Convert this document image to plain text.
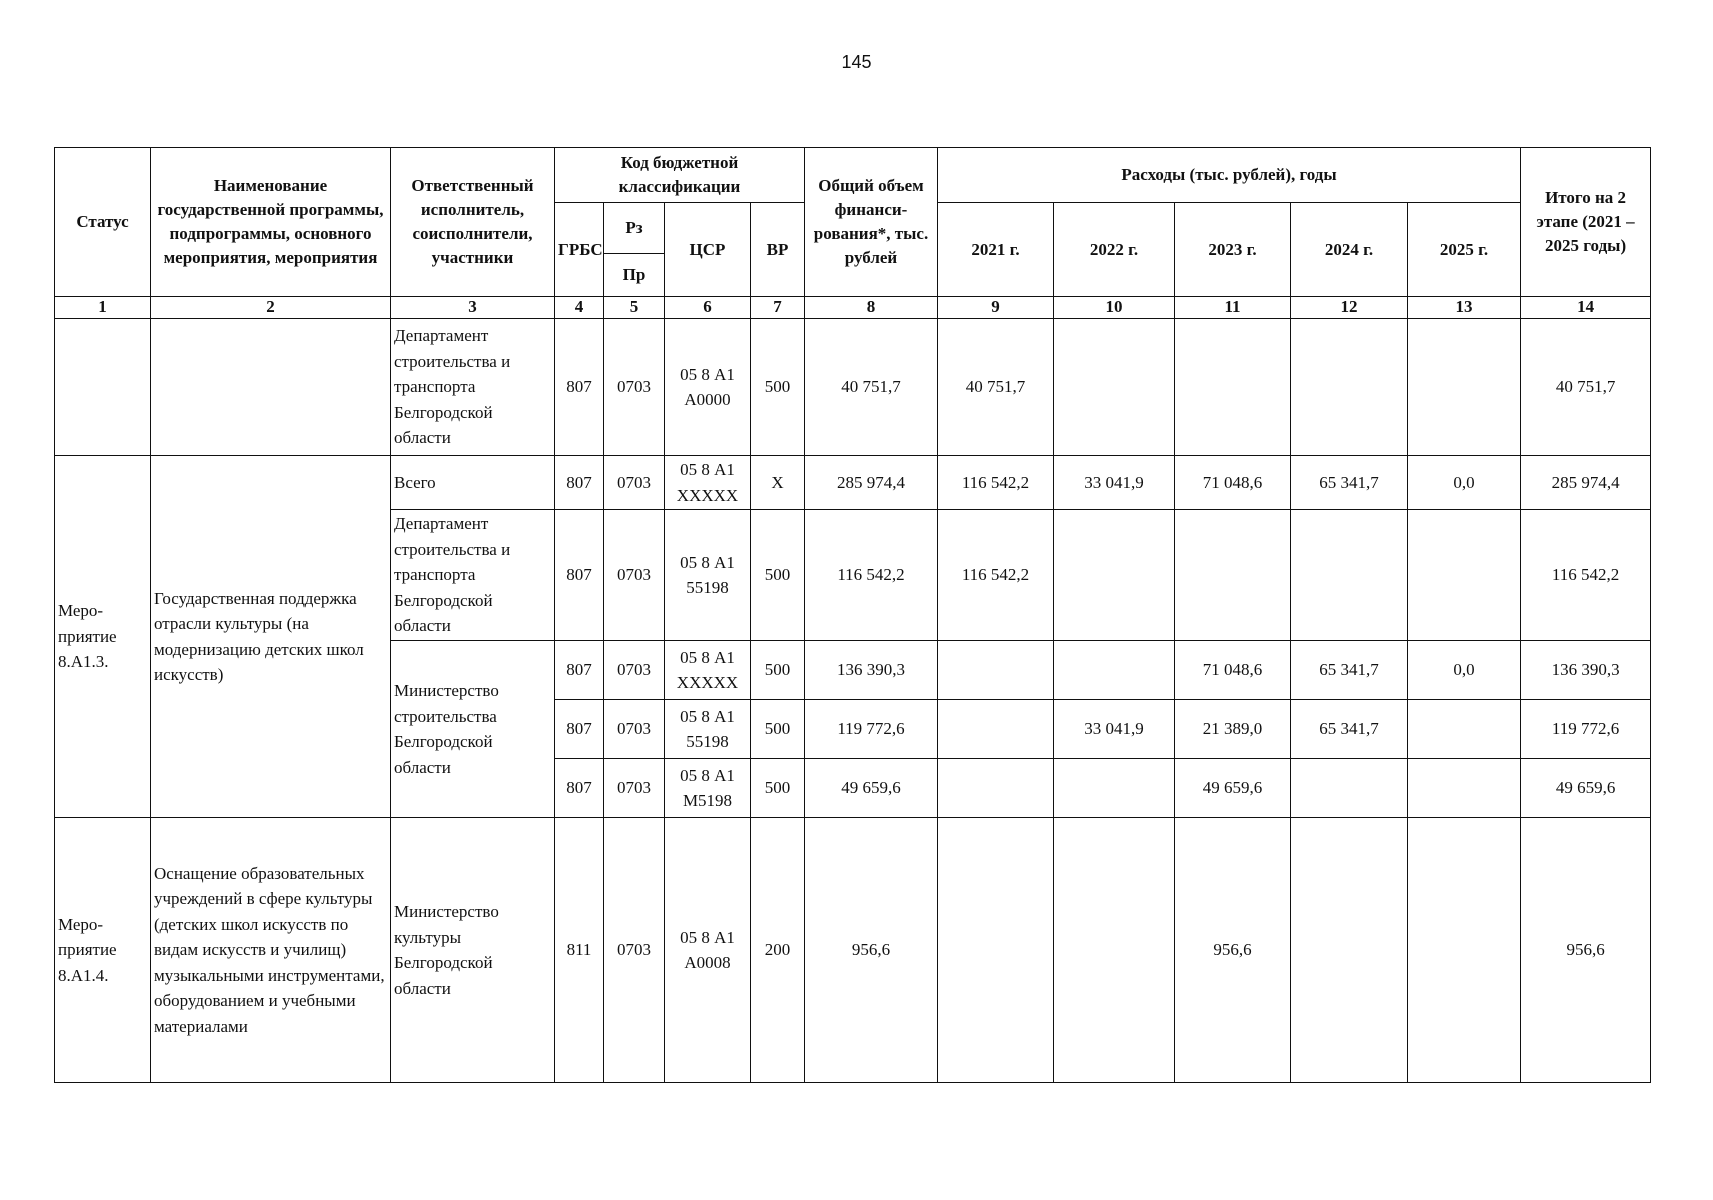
145
Статус	Наименование государственной программы, подпрограммы, основного мероприятия, мероприятия	Ответственный исполнитель, соисполнители, участники	Код бюджетной классификации				Общий объем финанси-рования*, тыс. рублей	Расходы (тыс. рублей), годы					Итого на 2 этапе (2021 – 2025 годы)
			ГРБС	Рз	ЦСР	ВР		2021 г.	2022 г.	2023 г.	2024 г.	2025 г.	
				Пр									
1	2	3	4	5	6	7	8	9	10	11	12	13	14
		Департамент строительства и транспорта Белгородской области	807	0703	05 8 А1 А0000	500	40 751,7	40 751,7					40 751,7
Меро-приятие 8.А1.3.	Государственная поддержка отрасли культуры (на модернизацию детских школ искусств)	Всего	807	0703	05 8 А1 ХХХХХ	Х	285 974,4	116 542,2	33 041,9	71 048,6	65 341,7	0,0	285 974,4
		Департамент строительства и транспорта Белгородской области	807	0703	05 8 А1 55198	500	116 542,2	116 542,2					116 542,2
		Министерство строительства Белгородской области	807	0703	05 8 А1 ХХХХХ	500	136 390,3			71 048,6	65 341,7	0,0	136 390,3
			807	0703	05 8 А1 55198	500	119 772,6		33 041,9	21 389,0	65 341,7		119 772,6
			807	0703	05 8 А1 М5198	500	49 659,6			49 659,6			49 659,6
Меро-приятие 8.А1.4.	Оснащение образовательных учреждений в сфере культуры (детских школ искусств по видам искусств и училищ) музыкальными инструментами, оборудованием и учебными материалами	Министерство культуры Белгородской области	811	0703	05 8 А1 А0008	200	956,6			956,6			956,6
